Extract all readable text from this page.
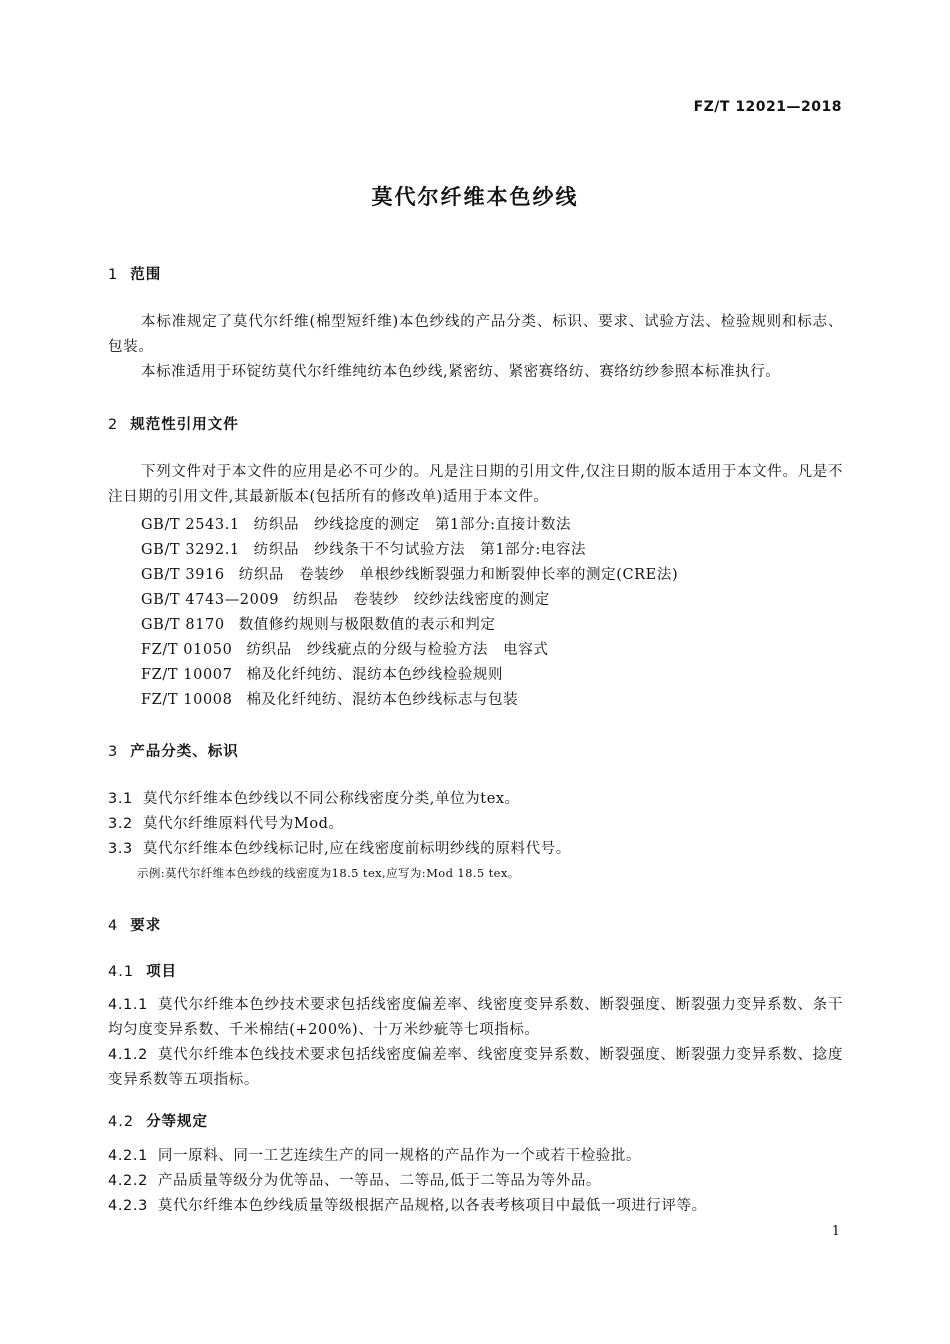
FZ/T 12021—2018
莫代尔纤维本色纱线
1 范围
本标准规定了莫代尔纤维(棉型短纤维)本色纱线的产品分类、标识、要求、试验方法、检验规则和标志、包装。
本标准适用于环锭纺莫代尔纤维纯纺本色纱线,紧密纺、紧密赛络纺、赛络纺纱参照本标准执行。
2 规范性引用文件
下列文件对于本文件的应用是必不可少的。凡是注日期的引用文件,仅注日期的版本适用于本文件。凡是不注日期的引用文件,其最新版本(包括所有的修改单)适用于本文件。
GB/T 2543.1 纺织品　纱线捻度的测定　第1部分:直接计数法
GB/T 3292.1 纺织品　纱线条干不匀试验方法　第1部分:电容法
GB/T 3916 纺织品　卷装纱　单根纱线断裂强力和断裂伸长率的测定(CRE法)
GB/T 4743—2009 纺织品　卷装纱　绞纱法线密度的测定
GB/T 8170 数值修约规则与极限数值的表示和判定
FZ/T 01050 纺织品　纱线疵点的分级与检验方法　电容式
FZ/T 10007 棉及化纤纯纺、混纺本色纱线检验规则
FZ/T 10008 棉及化纤纯纺、混纺本色纱线标志与包装
3 产品分类、标识
3.1 莫代尔纤维本色纱线以不同公称线密度分类,单位为tex。
3.2 莫代尔纤维原料代号为Mod。
3.3 莫代尔纤维本色纱线标记时,应在线密度前标明纱线的原料代号。
示例:莫代尔纤维本色纱线的线密度为18.5 tex,应写为:Mod 18.5 tex。
4 要求
4.1 项目
4.1.1 莫代尔纤维本色纱技术要求包括线密度偏差率、线密度变异系数、断裂强度、断裂强力变异系数、条干均匀度变异系数、千米棉结(+200%)、十万米纱疵等七项指标。
4.1.2 莫代尔纤维本色线技术要求包括线密度偏差率、线密度变异系数、断裂强度、断裂强力变异系数、捻度变异系数等五项指标。
4.2 分等规定
4.2.1 同一原料、同一工艺连续生产的同一规格的产品作为一个或若干检验批。
4.2.2 产品质量等级分为优等品、一等品、二等品,低于二等品为等外品。
4.2.3 莫代尔纤维本色纱线质量等级根据产品规格,以各表考核项目中最低一项进行评等。
1
